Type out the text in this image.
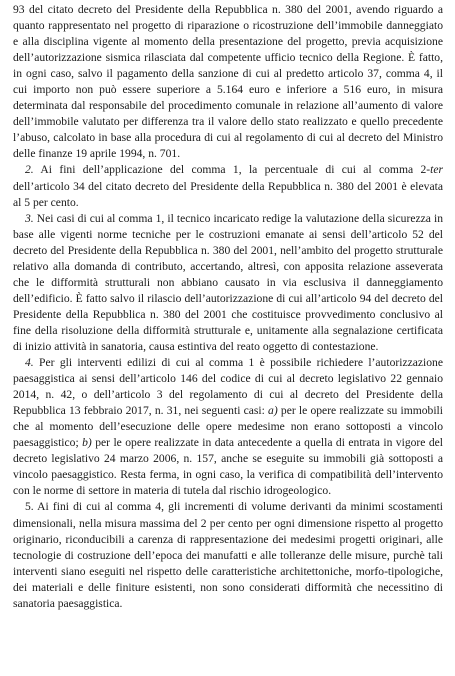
93 del citato decreto del Presidente della Repubblica n. 380 del 2001, avendo riguardo a quanto rappresentato nel progetto di riparazione o ricostruzione dell’immobile danneggiato e alla disciplina vigente al momento della presentazione del progetto, previa acquisizione dell’autorizzazione sismica rilasciata dal competente ufficio tecnico della Regione. È fatto, in ogni caso, salvo il pagamento della sanzione di cui al predetto articolo 37, comma 4, il cui importo non può essere superiore a 5.164 euro e inferiore a 516 euro, in misura determinata dal responsabile del procedimento comunale in relazione all’aumento di valore dell’immobile valutato per differenza tra il valore dello stato realizzato e quello precedente l’abuso, calcolato in base alla procedura di cui al regolamento di cui al decreto del Ministro delle finanze 19 aprile 1994, n. 701.

2. Ai fini dell’applicazione del comma 1, la percentuale di cui al comma 2-ter dell’articolo 34 del citato decreto del Presidente della Repubblica n. 380 del 2001 è elevata al 5 per cento.

3. Nei casi di cui al comma 1, il tecnico incaricato redige la valutazione della sicurezza in base alle vigenti norme tecniche per le costruzioni emanate ai sensi dell’articolo 52 del decreto del Presidente della Repubblica n. 380 del 2001, nell’ambito del progetto strutturale relativo alla domanda di contributo, accertando, altresì, con apposita relazione asseverata che le difformità strutturali non abbiano causato in via esclusiva il danneggiamento dell’edificio. È fatto salvo il rilascio dell’autorizzazione di cui all’articolo 94 del decreto del Presidente della Repubblica n. 380 del 2001 che costituisce provvedimento conclusivo al fine della risoluzione della difformità strutturale e, unitamente alla segnalazione certificata di inizio attività in sanatoria, causa estintiva del reato oggetto di contestazione.

4. Per gli interventi edilizi di cui al comma 1 è possibile richiedere l’autorizzazione paesaggistica ai sensi dell’articolo 146 del codice di cui al decreto legislativo 22 gennaio 2014, n. 42, o dell’articolo 3 del regolamento di cui al decreto del Presidente della Repubblica 13 febbraio 2017, n. 31, nei seguenti casi: a) per le opere realizzate su immobili che al momento dell’esecuzione delle opere medesime non erano sottoposti a vincolo paesaggistico; b) per le opere realizzate in data antecedente a quella di entrata in vigore del decreto legislativo 24 marzo 2006, n. 157, anche se eseguite su immobili già sottoposti a vincolo paesaggistico. Resta ferma, in ogni caso, la verifica di compatibilità dell’intervento con le norme di settore in materia di tutela dal rischio idrogeologico.

5. Ai fini di cui al comma 4, gli incrementi di volume derivanti da minimi scostamenti dimensionali, nella misura massima del 2 per cento per ogni dimensione rispetto al progetto originario, riconducibili a carenza di rappresentazione dei medesimi progetti originari, alle tecnologie di costruzione dell’epoca dei manufatti e alle tolleranze delle misure, purchè tali interventi siano eseguiti nel rispetto delle caratteristiche architettoniche, morfo-tipologiche, dei materiali e delle finiture esistenti, non sono considerati difformità che necessitino di sanatoria paesaggistica.
